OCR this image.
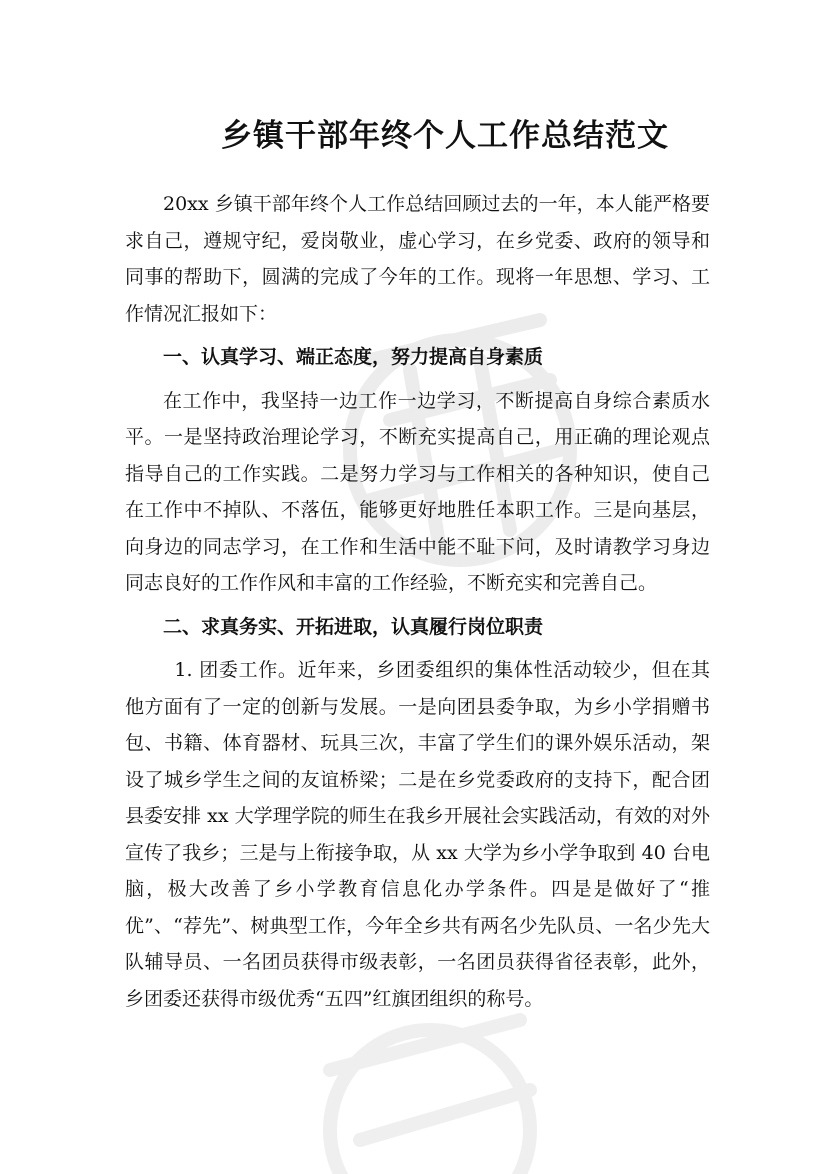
乡镇干部年终个人工作总结范文

20xx 乡镇干部年终个人工作总结回顾过去的一年，本人能严格要求自己，遵规守纪，爱岗敬业，虚心学习，在乡党委、政府的领导和同事的帮助下，圆满的完成了今年的工作。现将一年思想、学习、工作情况汇报如下：

一、认真学习、端正态度，努力提高自身素质

在工作中，我坚持一边工作一边学习，不断提高自身综合素质水平。一是坚持政治理论学习，不断充实提高自己，用正确的理论观点指导自己的工作实践。二是努力学习与工作相关的各种知识，使自己在工作中不掉队、不落伍，能够更好地胜任本职工作。三是向基层，向身边的同志学习，在工作和生活中能不耻下问，及时请教学习身边同志良好的工作作风和丰富的工作经验，不断充实和完善自己。

二、求真务实、开拓进取，认真履行岗位职责

1. 团委工作。近年来，乡团委组织的集体性活动较少，但在其他方面有了一定的创新与发展。一是向团县委争取，为乡小学捐赠书包、书籍、体育器材、玩具三次，丰富了学生们的课外娱乐活动，架设了城乡学生之间的友谊桥梁；二是在乡党委政府的支持下，配合团县委安排 xx 大学理学院的师生在我乡开展社会实践活动，有效的对外宣传了我乡；三是与上衔接争取，从 xx 大学为乡小学争取到 40 台电脑，极大改善了乡小学教育信息化办学条件。四是是做好了“推优”、“荐先”、树典型工作，今年全乡共有两名少先队员、一名少先大队辅导员、一名团员获得市级表彰，一名团员获得省径表彰，此外，乡团委还获得市级优秀“五四”红旗团组织的称号。
